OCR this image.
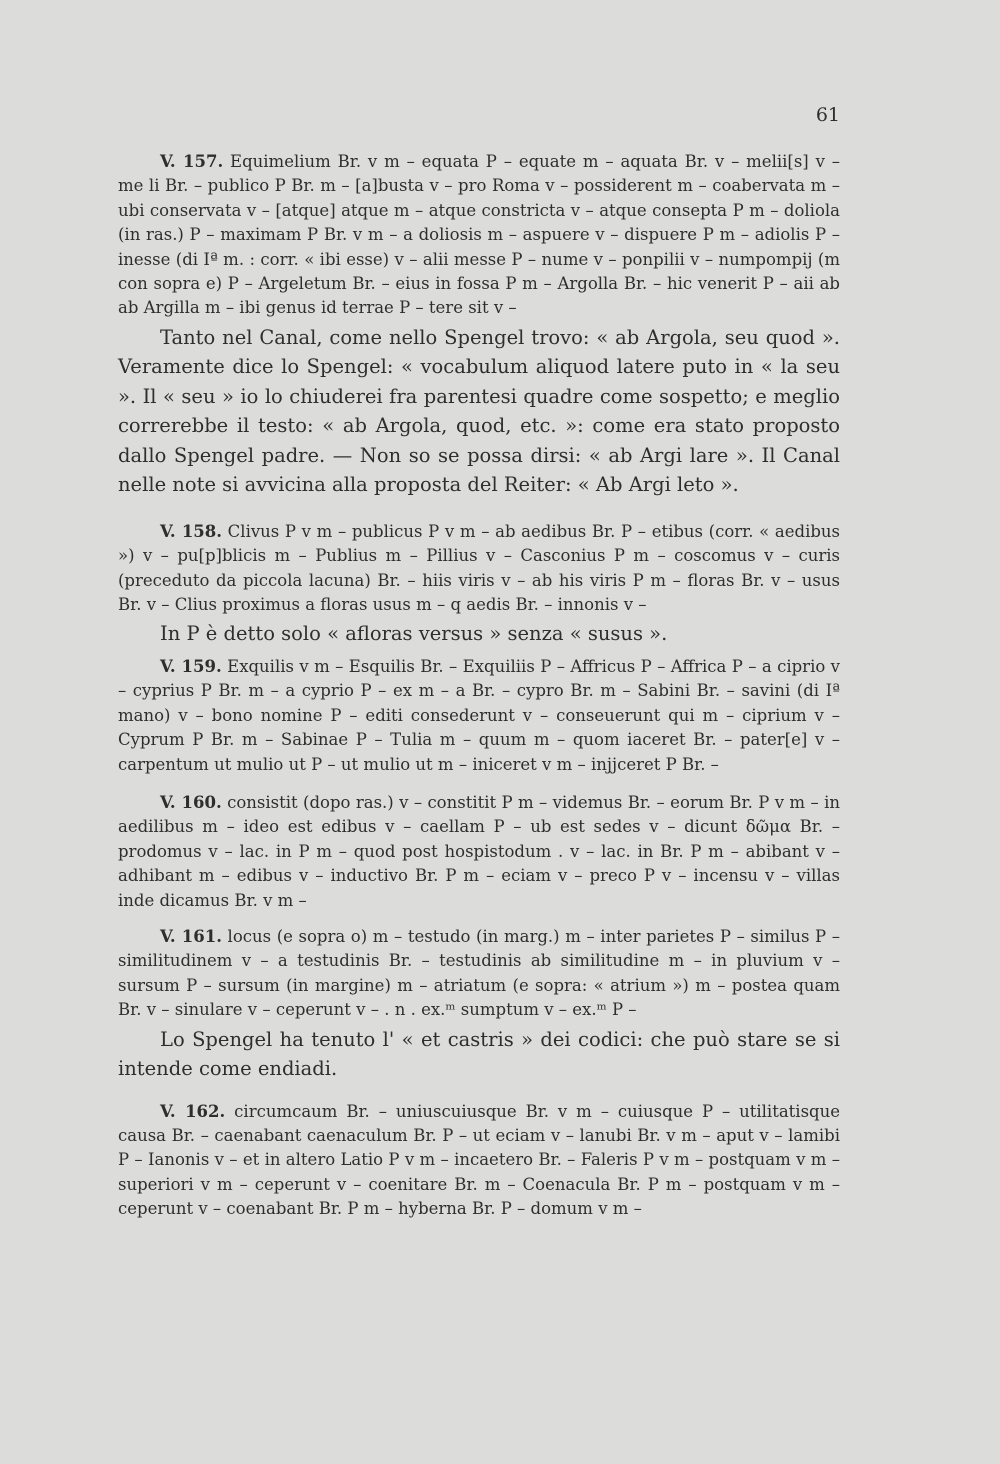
61

V. 157. Equimelium Br. v m – equata P – equate m – aquata Br. v – melii[s] v – me li Br. – publico P Br. m – [a]busta v – pro Roma v – possiderent m – coabervata m – ubi conservata v – [atque] atque m – atque constricta v – atque consepta P m – doliola (in ras.) P – maximam P Br. v m – a doliosis m – aspuere v – dispuere P m – adiolis P – inesse (di Iª m. : corr. « ibi esse) v – alii messe P – nume v – ponpilii v – numpompij (m con sopra e) P – Argeletum Br. – eius in fossa P m – Argolla Br. – hic venerit P – aii ab ab Argilla m – ibi genus id terrae P – tere sit v –

Tanto nel Canal, come nello Spengel trovo: « ab Argola, seu quod ». Veramente dice lo Spengel: « vocabulum aliquod latere puto in « la seu ». Il « seu » io lo chiuderei fra parentesi quadre come sospetto; e meglio correrebbe il testo: « ab Argola, quod, etc. »: come era stato proposto dallo Spengel padre. — Non so se possa dirsi: « ab Argi lare ». Il Canal nelle note si avvicina alla proposta del Reiter: « Ab Argi leto ».

V. 158. Clivus P v m – publicus P v m – ab aedibus Br. P – etibus (corr. « aedibus ») v – pu[p]blicis m – Publius m – Pillius v – Casconius P m – coscomus v – curis (preceduto da piccola lacuna) Br. – hiis viris v – ab his viris P m – floras Br. v – usus Br. v – Clius proximus a floras usus m – q aedis Br. – innonis v –

In P è detto solo « afloras versus » senza « susus ».

V. 159. Exquilis v m – Esquilis Br. – Exquiliis P – Affricus P – Affrica P – a ciprio v – cyprius P Br. m – a cyprio P – ex m – a Br. – cypro Br. m – Sabini Br. – savini (di Iª mano) v – bono nomine P – editi consederunt v – conseuerunt qui m – ciprium v – Cyprum P Br. m – Sabinae P – Tulia m – quum m – quom iaceret Br. – pater[e] v – carpentum ut mulio ut P – ut mulio ut m – iniceret v m – injjceret P Br. –

V. 160. consistit (dopo ras.) v – constitit P m – videmus Br. – eorum Br. P v m – in aedilibus m – ideo est edibus v – caellam P – ub est sedes v – dicunt δῶμα Br. – prodomus v – lac. in P m – quod post hospistodum . v – lac. in Br. P m – abibant v – adhibant m – edibus v – inductivo Br. P m – eciam v – preco P v – incensu v – villas inde dicamus Br. v m –

V. 161. locus (e sopra o) m – testudo (in marg.) m – inter parietes P – similus P – similitudinem v – a testudinis Br. – testudinis ab similitudine m – in pluvium v – sursum P – sursum (in margine) m – atriatum (e sopra: « atrium ») m – postea quam Br. v – sinulare v – ceperunt v – . n . ex.ᵐ sumptum v – ex.ᵐ P –

Lo Spengel ha tenuto l' « et castris » dei codici: che può stare se si intende come endiadi.

V. 162. circumcaum Br. – uniuscuiusque Br. v m – cuiusque P – utilitatisque causa Br. – caenabant caenaculum Br. P – ut eciam v – lanubi Br. v m – aput v – lamibi P – Ianonis v – et in altero Latio P v m – incaetero Br. – Faleris P v m – postquam v m – superiori v m – ceperunt v – coenitare Br. m – Coenacula Br. P m – postquam v m – ceperunt v – coenabant Br. P m – hyberna Br. P – domum v m –
